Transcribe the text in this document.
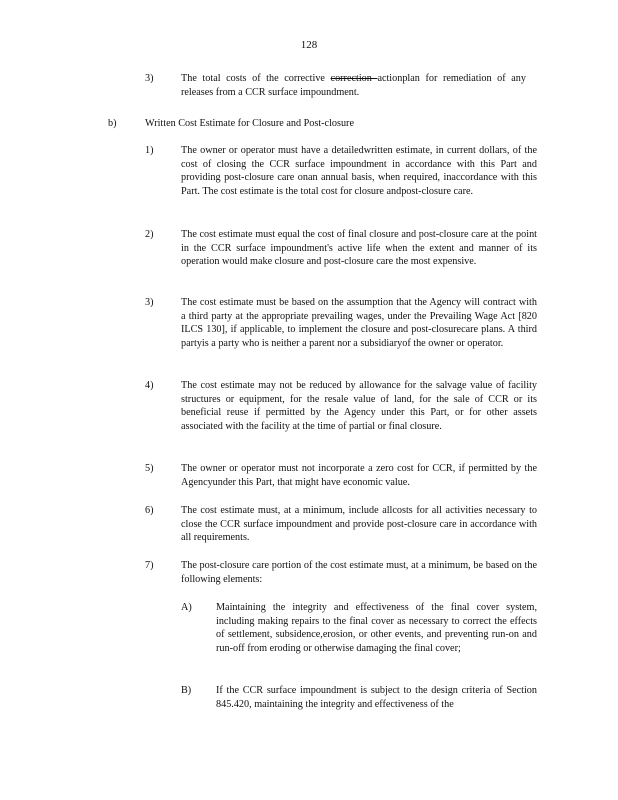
128
3)	The total costs of the corrective correction actionplan for remediation of any releases from a CCR surface impoundment.
b)	Written Cost Estimate for Closure and Post-closure
1)	The owner or operator must have a detailedwritten estimate, in current dollars, of the cost of closing the CCR surface impoundment in accordance with this Part and providing post-closure care onan annual basis, when required, inaccordance with this Part. The cost estimate is the total cost for closure andpost-closure care.
2)	The cost estimate must equal the cost of final closure and post-closure care at the point in the CCR surface impoundment's active life when the extent and manner of its operation would make closure and post-closure care the most expensive.
3)	The cost estimate must be based on the assumption that the Agency will contract with a third party at the appropriate prevailing wages, under the Prevailing Wage Act [820 ILCS 130], if applicable, to implement the closure and post-closurecare plans. A third partyis a party who is neither a parent nor a subsidiaryof the owner or operator.
4)	The cost estimate may not be reduced by allowance for the salvage value of facility structures or equipment, for the resale value of land, for the sale of CCR or its beneficial reuse if permitted by the Agency under this Part, or for other assets associated with the facility at the time of partial or final closure.
5)	The owner or operator must not incorporate a zero cost for CCR, if permitted by the Agencyunder this Part, that might have economic value.
6)	The cost estimate must, at a minimum, include allcosts for all activities necessary to close the CCR surface impoundment and provide post-closure care in accordance with all requirements.
7)	The post-closure care portion of the cost estimate must, at a minimum, be based on the following elements:
A) Maintaining the integrity and effectiveness of the final cover system, including making repairs to the final cover as necessary to correct the effects of settlement, subsidence,erosion, or other events, and preventing run-on and run-off from eroding or otherwise damaging the final cover;
B) If the CCR surface impoundment is subject to the design criteria of Section 845.420, maintaining the integrity and effectiveness of the
